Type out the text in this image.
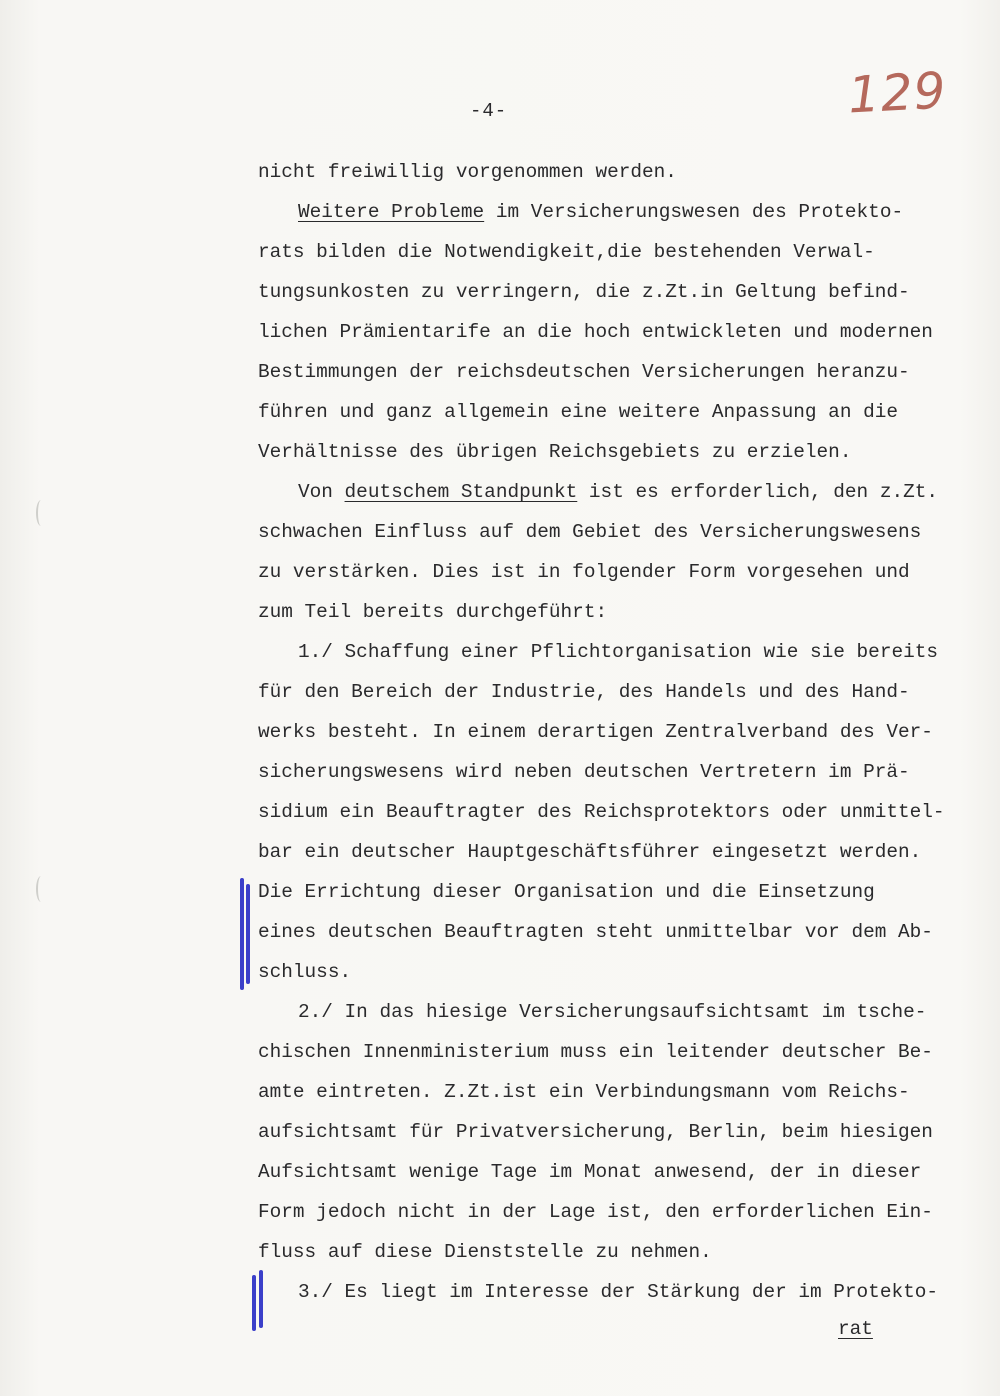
-4-	129
nicht freiwillig vorgenommen werden.
Weitere Probleme im Versicherungswesen des Protekto-
rats bilden die Notwendigkeit,die bestehenden Verwal-
tungsunkosten zu verringern, die z.Zt.in Geltung befind-
lichen Prämientarife an die hoch entwickleten und modernen
Bestimmungen der reichsdeutschen Versicherungen heranzu-
führen und ganz allgemein eine weitere Anpassung an die
Verhältnisse des übrigen Reichsgebiets zu erzielen.
Von deutschem Standpunkt ist es erforderlich, den z.Zt.
schwachen Einfluss auf dem Gebiet des Versicherungswesens
zu verstärken. Dies ist in folgender Form vorgesehen und
zum Teil bereits durchgeführt:
1./ Schaffung einer Pflichtorganisation wie sie bereits
für den Bereich der Industrie, des Handels und des Hand-
werks besteht. In einem derartigen Zentralverband des Ver-
sicherungswesens wird neben deutschen Vertretern im Prä-
sidium ein Beauftragter des Reichsprotektors oder unmittel-
bar ein deutscher Hauptgeschäftsführer eingesetzt werden.
Die Errichtung dieser Organisation und die Einsetzung
eines deutschen Beauftragten steht unmittelbar vor dem Ab-
schluss.
2./ In das hiesige Versicherungsaufsichtsamt im tsche-
chischen Innenministerium muss ein leitender deutscher Be-
amte eintreten. Z.Zt.ist ein Verbindungsmann vom Reichs-
aufsichtsamt für Privatversicherung, Berlin, beim hiesigen
Aufsichtsamt wenige Tage im Monat anwesend, der in dieser
Form jedoch nicht in der Lage ist, den erforderlichen Ein-
fluss auf diese Dienststelle zu nehmen.
3./ Es liegt im Interesse der Stärkung der im Protekto-
rat
